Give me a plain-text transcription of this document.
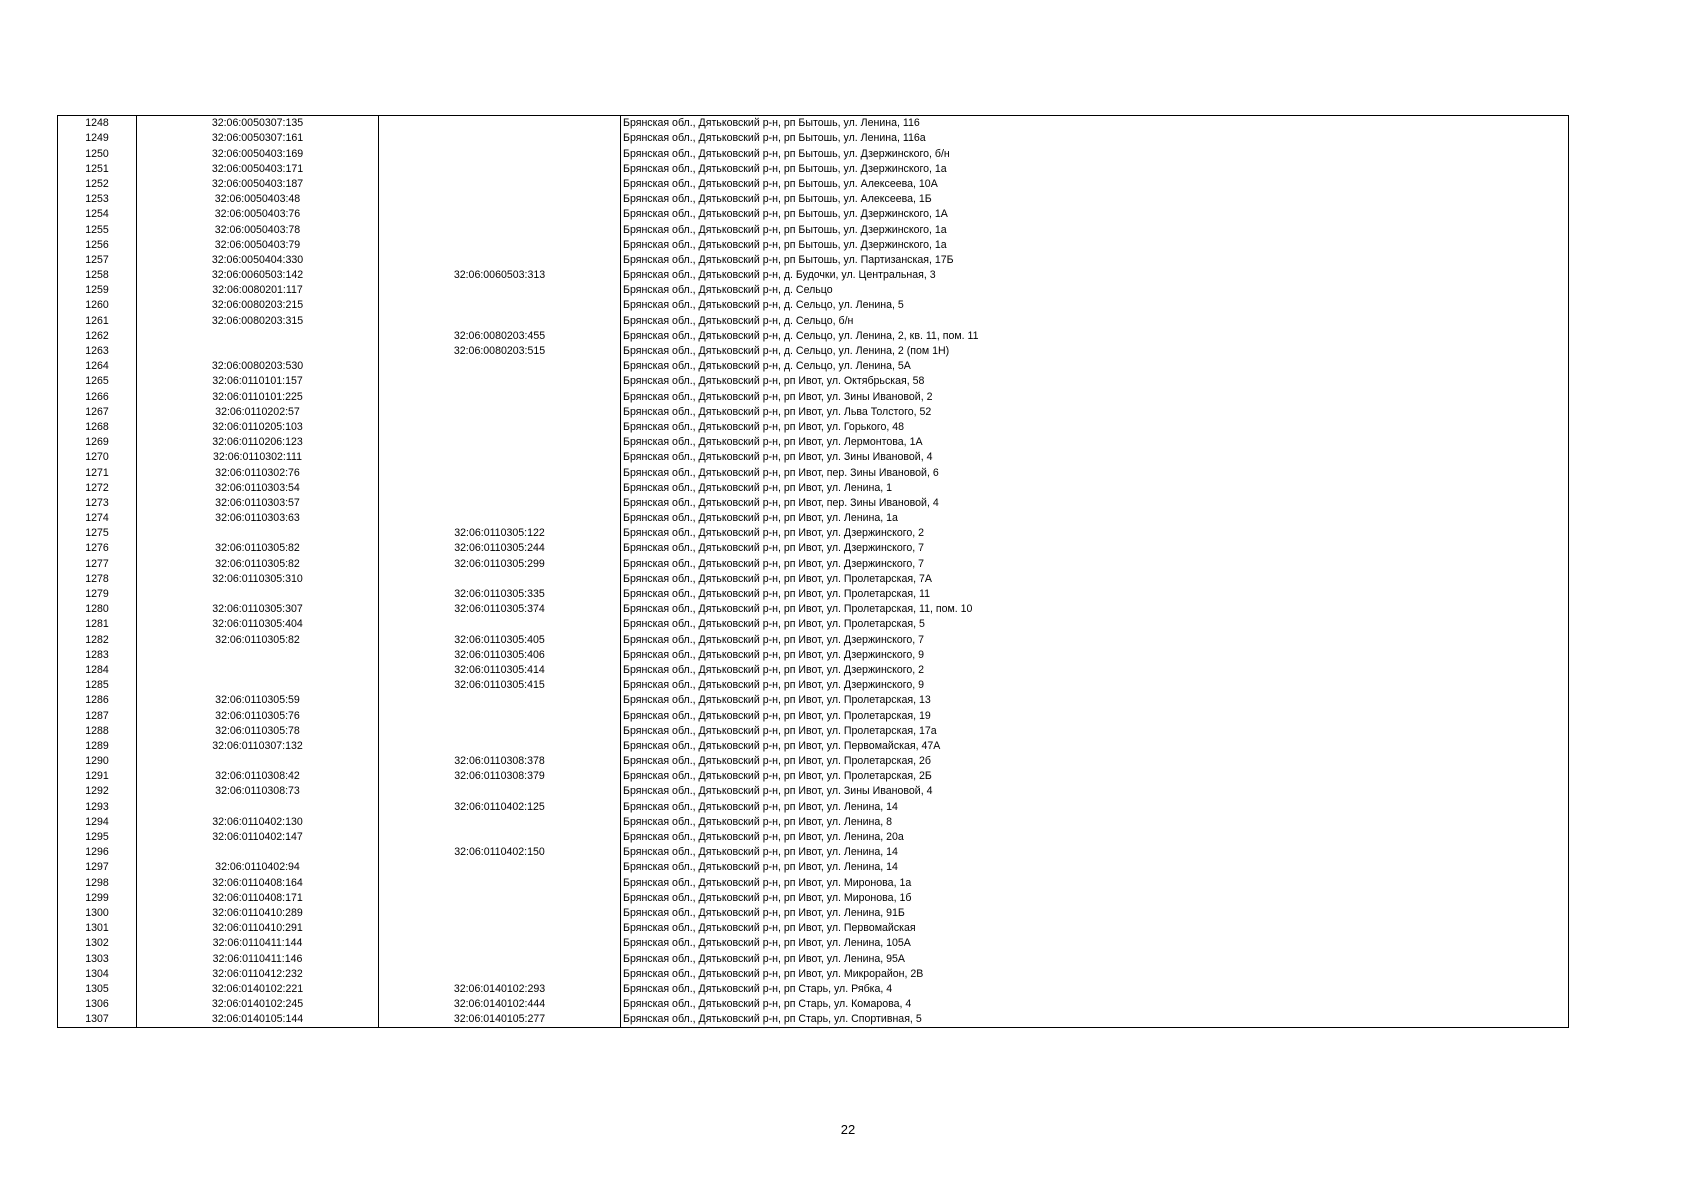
1248	32:06:0050307:135		Брянская обл., Дятьковский р-н, рп Бытошь, ул. Ленина, 116
1249	32:06:0050307:161		Брянская обл., Дятьковский р-н, рп Бытошь, ул. Ленина, 116а
1250	32:06:0050403:169		Брянская обл., Дятьковский р-н, рп Бытошь, ул. Дзержинского, б/н
1251	32:06:0050403:171		Брянская обл., Дятьковский р-н, рп Бытошь, ул. Дзержинского, 1а
1252	32:06:0050403:187		Брянская обл., Дятьковский р-н, рп Бытошь, ул. Алексеева, 10А
1253	32:06:0050403:48		Брянская обл., Дятьковский р-н, рп Бытошь, ул. Алексеева, 1Б
1254	32:06:0050403:76		Брянская обл., Дятьковский р-н, рп Бытошь, ул. Дзержинского, 1А
1255	32:06:0050403:78		Брянская обл., Дятьковский р-н, рп Бытошь, ул. Дзержинского, 1а
1256	32:06:0050403:79		Брянская обл., Дятьковский р-н, рп Бытошь, ул. Дзержинского, 1а
1257	32:06:0050404:330		Брянская обл., Дятьковский р-н, рп Бытошь, ул. Партизанская, 17Б
1258	32:06:0060503:142	32:06:0060503:313	Брянская обл., Дятьковский р-н, д. Будочки, ул. Центральная, 3
1259	32:06:0080201:117		Брянская обл., Дятьковский р-н, д. Сельцо
1260	32:06:0080203:215		Брянская обл., Дятьковский р-н, д. Сельцо, ул. Ленина, 5
1261	32:06:0080203:315		Брянская обл., Дятьковский р-н, д. Сельцо, б/н
1262		32:06:0080203:455	Брянская обл., Дятьковский р-н, д. Сельцо, ул. Ленина, 2, кв. 11, пом. 11
1263		32:06:0080203:515	Брянская обл., Дятьковский р-н, д. Сельцо, ул. Ленина, 2 (пом 1Н)
1264	32:06:0080203:530		Брянская обл., Дятьковский р-н, д. Сельцо, ул. Ленина, 5А
1265	32:06:0110101:157		Брянская обл., Дятьковский р-н, рп Ивот, ул. Октябрьская, 58
1266	32:06:0110101:225		Брянская обл., Дятьковский р-н, рп Ивот, ул. Зины Ивановой, 2
1267	32:06:0110202:57		Брянская обл., Дятьковский р-н, рп Ивот, ул. Льва Толстого, 52
1268	32:06:0110205:103		Брянская обл., Дятьковский р-н, рп Ивот, ул. Горького, 48
1269	32:06:0110206:123		Брянская обл., Дятьковский р-н, рп Ивот, ул. Лермонтова, 1А
1270	32:06:0110302:111		Брянская обл., Дятьковский р-н, рп Ивот, ул. Зины Ивановой, 4
1271	32:06:0110302:76		Брянская обл., Дятьковский р-н, рп Ивот, пер. Зины Ивановой, 6
1272	32:06:0110303:54		Брянская обл., Дятьковский р-н, рп Ивот, ул. Ленина, 1
1273	32:06:0110303:57		Брянская обл., Дятьковский р-н, рп Ивот, пер. Зины Ивановой, 4
1274	32:06:0110303:63		Брянская обл., Дятьковский р-н, рп Ивот, ул. Ленина, 1а
1275		32:06:0110305:122	Брянская обл., Дятьковский р-н, рп Ивот, ул. Дзержинского, 2
1276	32:06:0110305:82	32:06:0110305:244	Брянская обл., Дятьковский р-н, рп Ивот, ул. Дзержинского, 7
1277	32:06:0110305:82	32:06:0110305:299	Брянская обл., Дятьковский р-н, рп Ивот, ул. Дзержинского, 7
1278	32:06:0110305:310		Брянская обл., Дятьковский р-н, рп Ивот, ул. Пролетарская, 7А
1279		32:06:0110305:335	Брянская обл., Дятьковский р-н, рп Ивот, ул. Пролетарская, 11
1280	32:06:0110305:307	32:06:0110305:374	Брянская обл., Дятьковский р-н, рп Ивот, ул. Пролетарская, 11, пом. 10
1281	32:06:0110305:404		Брянская обл., Дятьковский р-н, рп Ивот, ул. Пролетарская, 5
1282	32:06:0110305:82	32:06:0110305:405	Брянская обл., Дятьковский р-н, рп Ивот, ул. Дзержинского, 7
1283		32:06:0110305:406	Брянская обл., Дятьковский р-н, рп Ивот, ул. Дзержинского, 9
1284		32:06:0110305:414	Брянская обл., Дятьковский р-н, рп Ивот, ул. Дзержинского, 2
1285		32:06:0110305:415	Брянская обл., Дятьковский р-н, рп Ивот, ул. Дзержинского, 9
1286	32:06:0110305:59		Брянская обл., Дятьковский р-н, рп Ивот, ул. Пролетарская, 13
1287	32:06:0110305:76		Брянская обл., Дятьковский р-н, рп Ивот, ул. Пролетарская, 19
1288	32:06:0110305:78		Брянская обл., Дятьковский р-н, рп Ивот, ул. Пролетарская, 17а
1289	32:06:0110307:132		Брянская обл., Дятьковский р-н, рп Ивот, ул. Первомайская, 47А
1290		32:06:0110308:378	Брянская обл., Дятьковский р-н, рп Ивот, ул. Пролетарская, 2б
1291	32:06:0110308:42	32:06:0110308:379	Брянская обл., Дятьковский р-н, рп Ивот, ул. Пролетарская, 2Б
1292	32:06:0110308:73		Брянская обл., Дятьковский р-н, рп Ивот, ул. Зины Ивановой, 4
1293		32:06:0110402:125	Брянская обл., Дятьковский р-н, рп Ивот, ул. Ленина, 14
1294	32:06:0110402:130		Брянская обл., Дятьковский р-н, рп Ивот, ул. Ленина, 8
1295	32:06:0110402:147		Брянская обл., Дятьковский р-н, рп Ивот, ул. Ленина, 20а
1296		32:06:0110402:150	Брянская обл., Дятьковский р-н, рп Ивот, ул. Ленина, 14
1297	32:06:0110402:94		Брянская обл., Дятьковский р-н, рп Ивот, ул. Ленина, 14
1298	32:06:0110408:164		Брянская обл., Дятьковский р-н, рп Ивот, ул. Миронова, 1а
1299	32:06:0110408:171		Брянская обл., Дятьковский р-н, рп Ивот, ул. Миронова, 1б
1300	32:06:0110410:289		Брянская обл., Дятьковский р-н, рп Ивот, ул. Ленина, 91Б
1301	32:06:0110410:291		Брянская обл., Дятьковский р-н, рп Ивот, ул. Первомайская
1302	32:06:0110411:144		Брянская обл., Дятьковский р-н, рп Ивот, ул. Ленина, 105А
1303	32:06:0110411:146		Брянская обл., Дятьковский р-н, рп Ивот, ул. Ленина, 95А
1304	32:06:0110412:232		Брянская обл., Дятьковский р-н, рп Ивот, ул. Микрорайон, 2В
1305	32:06:0140102:221	32:06:0140102:293	Брянская обл., Дятьковский р-н, рп Старь, ул. Рябка, 4
1306	32:06:0140102:245	32:06:0140102:444	Брянская обл., Дятьковский р-н, рп Старь, ул. Комарова, 4
1307	32:06:0140105:144	32:06:0140105:277	Брянская обл., Дятьковский р-н, рп Старь, ул. Спортивная, 5
22
